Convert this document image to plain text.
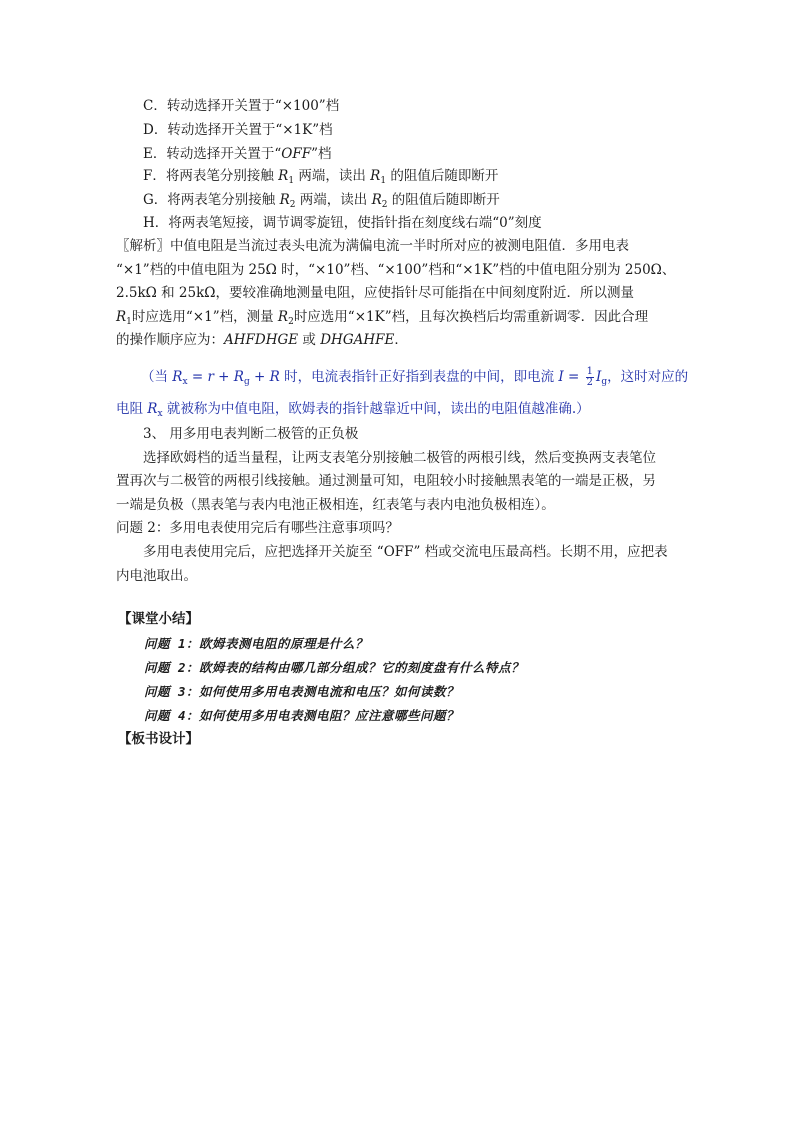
C．转动选择开关置于“×100”档
D．转动选择开关置于“×1K”档
E．转动选择开关置于“OFF”档
F．将两表笔分别接触 $R_1$ 两端，读出 $R_1$ 的阻值后随即断开
G．将两表笔分别接触 $R_2$ 两端，读出 $R_2$ 的阻值后随即断开
H．将两表笔短接，调节调零旋钮，使指针指在刻度线右端“0”刻度
〖解析〗中值电阻是当流过表头电流为满偏电流一半时所对应的被测电阻值．多用电表
“×1”档的中值电阻为 25Ω 时，“×10”档、“×100”档和“×1K”档的中值电阻分别为 250Ω、
2.5kΩ 和 25kΩ，要较准确地测量电阻，应使指针尽可能指在中间刻度附近．所以测量
$R_1$时应选用“×1”档，测量 $R_2$时应选用“×1K”档，且每次换档后均需重新调零．因此合理
的操作顺序应为：AHFDHGE 或 DHGAHFE．
（当 $R_x = r + R_g + R$ 时，电流表指针正好指到表盘的中间，即电流 $I = \frac{1}{2} I_g$，这时对应的
电阻 $R_x$ 就被称为中值电阻，欧姆表的指针越靠近中间，读出的电阻值越准确.）
3、 用多用电表判断二极管的正负极
选择欧姆档的适当量程，让两支表笔分别接触二极管的两根引线，然后变换两支表笔位
置再次与二极管的两根引线接触。通过测量可知，电阻较小时接触黑表笔的一端是正极，另
一端是负极（黑表笔与表内电池正极相连，红表笔与表内电池负极相连）。
问题 2：多用电表使用完后有哪些注意事项吗？
多用电表使用完后，应把选择开关旋至 “OFF” 档或交流电压最高档。长期不用，应把表
内电池取出。
【课堂小结】
问题 1：欧姆表测电阻的原理是什么？
问题 2：欧姆表的结构由哪几部分组成？它的刻度盘有什么特点？
问题 3：如何使用多用电表测电流和电压？如何读数？
问题 4：如何使用多用电表测电阻？应注意哪些问题？
【板书设计】
